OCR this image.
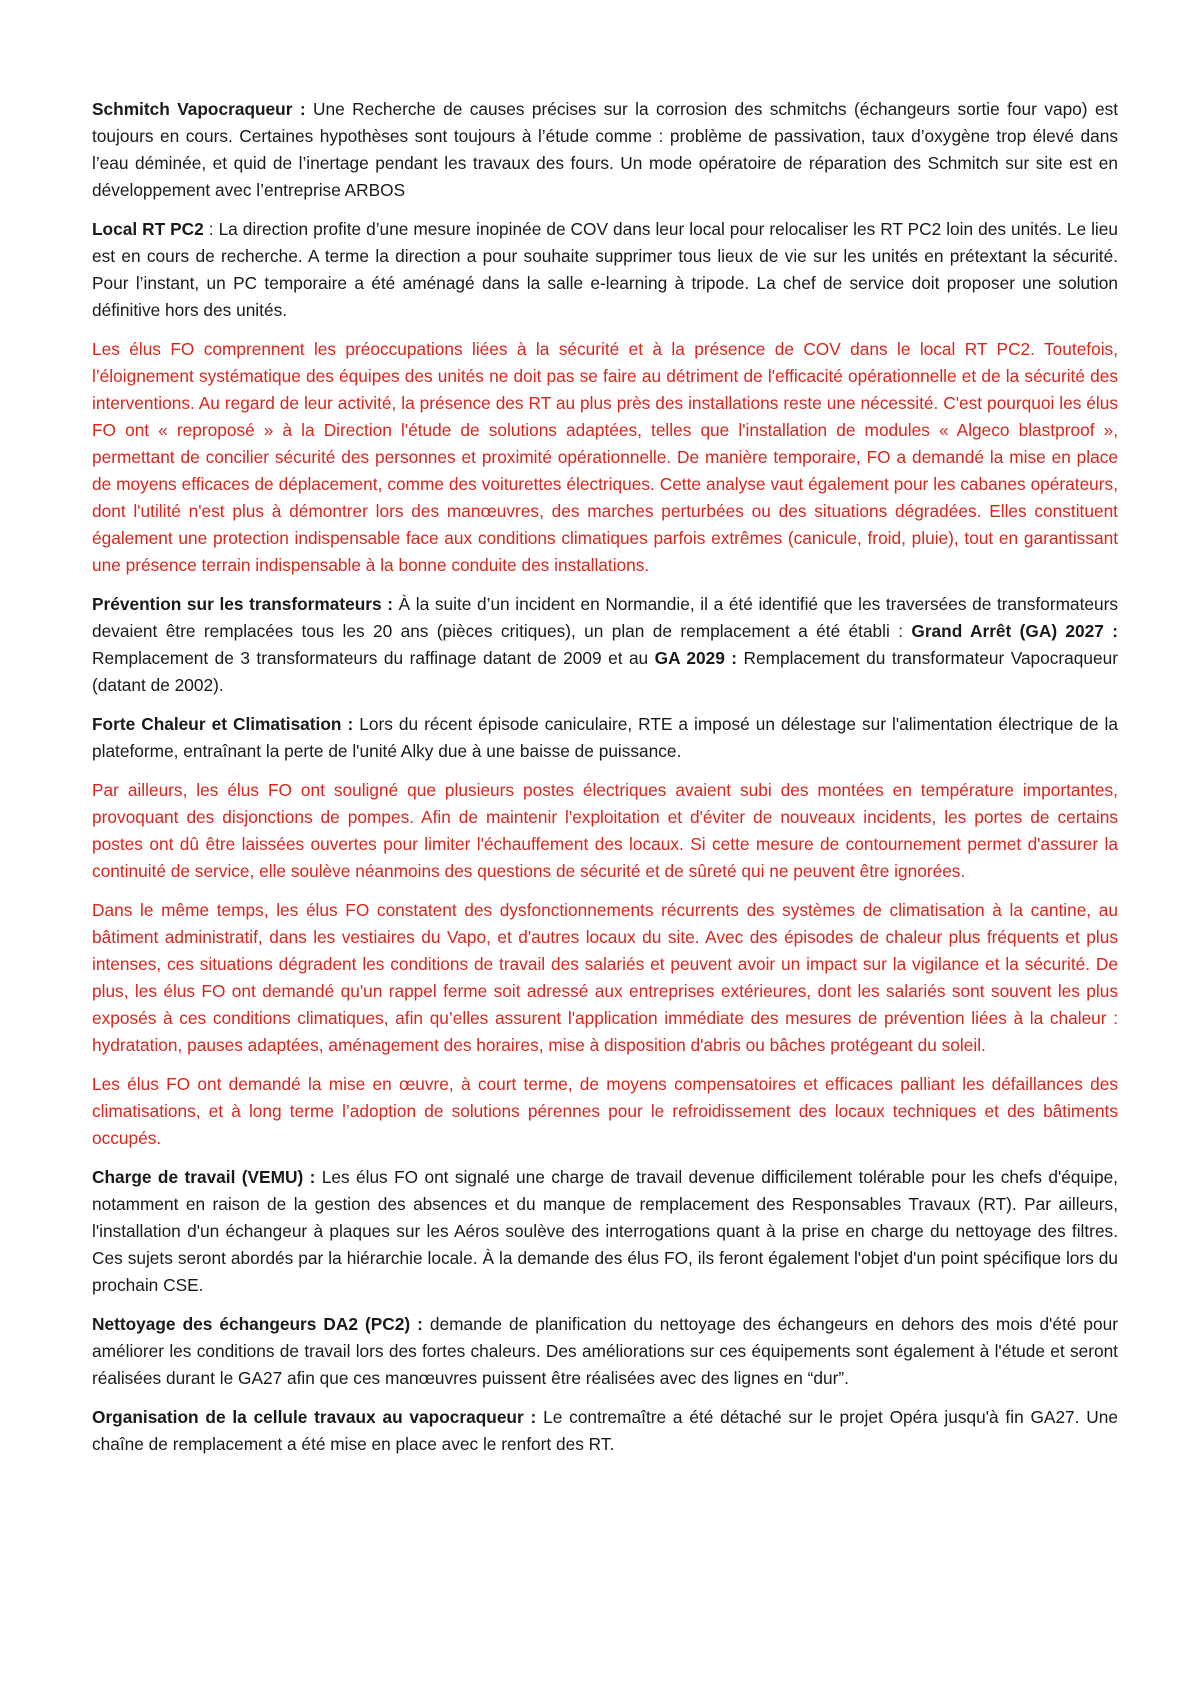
Schmitch Vapocraqueur : Une Recherche de causes précises sur la corrosion des schmitchs (échangeurs sortie four vapo) est toujours en cours. Certaines hypothèses sont toujours à l’étude comme : problème de passivation, taux d’oxygène trop élevé dans l’eau déminée, et quid de l’inertage pendant les travaux des fours. Un mode opératoire de réparation des Schmitch sur site est en développement avec l’entreprise ARBOS

Local RT PC2 : La direction profite d’une mesure inopinée de COV dans leur local pour relocaliser les RT PC2 loin des unités. Le lieu est en cours de recherche. A terme la direction a pour souhaite supprimer tous lieux de vie sur les unités en prétextant la sécurité. Pour l’instant, un PC temporaire a été aménagé dans la salle e-learning à tripode. La chef de service doit proposer une solution définitive hors des unités.

Les élus FO comprennent les préoccupations liées à la sécurité et à la présence de COV dans le local RT PC2. Toutefois, l’éloignement systématique des équipes des unités ne doit pas se faire au détriment de l'efficacité opérationnelle et de la sécurité des interventions. Au regard de leur activité, la présence des RT au plus près des installations reste une nécessité. C'est pourquoi les élus FO ont « reproposé » à la Direction l'étude de solutions adaptées, telles que l'installation de modules « Algeco blastproof », permettant de concilier sécurité des personnes et proximité opérationnelle. De manière temporaire, FO a demandé la mise en place de moyens efficaces de déplacement, comme des voiturettes électriques. Cette analyse vaut également pour les cabanes opérateurs, dont l'utilité n'est plus à démontrer lors des manœuvres, des marches perturbées ou des situations dégradées. Elles constituent également une protection indispensable face aux conditions climatiques parfois extrêmes (canicule, froid, pluie), tout en garantissant une présence terrain indispensable à la bonne conduite des installations.

Prévention sur les transformateurs : À la suite d’un incident en Normandie, il a été identifié que les traversées de transformateurs devaient être remplacées tous les 20 ans (pièces critiques), un plan de remplacement a été établi : Grand Arrêt (GA) 2027 : Remplacement de 3 transformateurs du raffinage datant de 2009 et au GA 2029 : Remplacement du transformateur Vapocraqueur (datant de 2002).

Forte Chaleur et Climatisation : Lors du récent épisode caniculaire, RTE a imposé un délestage sur l'alimentation électrique de la plateforme, entraînant la perte de l'unité Alky due à une baisse de puissance.

Par ailleurs, les élus FO ont souligné que plusieurs postes électriques avaient subi des montées en température importantes, provoquant des disjonctions de pompes. Afin de maintenir l'exploitation et d'éviter de nouveaux incidents, les portes de certains postes ont dû être laissées ouvertes pour limiter l'échauffement des locaux. Si cette mesure de contournement permet d'assurer la continuité de service, elle soulève néanmoins des questions de sécurité et de sûreté qui ne peuvent être ignorées.

Dans le même temps, les élus FO constatent des dysfonctionnements récurrents des systèmes de climatisation à la cantine, au bâtiment administratif, dans les vestiaires du Vapo, et d'autres locaux du site. Avec des épisodes de chaleur plus fréquents et plus intenses, ces situations dégradent les conditions de travail des salariés et peuvent avoir un impact sur la vigilance et la sécurité. De plus, les élus FO ont demandé qu'un rappel ferme soit adressé aux entreprises extérieures, dont les salariés sont souvent les plus exposés à ces conditions climatiques, afin qu’elles assurent l'application immédiate des mesures de prévention liées à la chaleur : hydratation, pauses adaptées, aménagement des horaires, mise à disposition d'abris ou bâches protégeant du soleil.

Les élus FO ont demandé la mise en œuvre, à court terme, de moyens compensatoires et efficaces palliant les défaillances des climatisations, et à long terme l’adoption de solutions pérennes pour le refroidissement des locaux techniques et des bâtiments occupés.

Charge de travail (VEMU) : Les élus FO ont signalé une charge de travail devenue difficilement tolérable pour les chefs d'équipe, notamment en raison de la gestion des absences et du manque de remplacement des Responsables Travaux (RT). Par ailleurs, l'installation d'un échangeur à plaques sur les Aéros soulève des interrogations quant à la prise en charge du nettoyage des filtres. Ces sujets seront abordés par la hiérarchie locale. À la demande des élus FO, ils feront également l'objet d'un point spécifique lors du prochain CSE.

Nettoyage des échangeurs DA2 (PC2) : demande de planification du nettoyage des échangeurs en dehors des mois d'été pour améliorer les conditions de travail lors des fortes chaleurs. Des améliorations sur ces équipements sont également à l'étude et seront réalisées durant le GA27 afin que ces manœuvres puissent être réalisées avec des lignes en “dur”.

Organisation de la cellule travaux au vapocraqueur : Le contremaître a été détaché sur le projet Opéra jusqu'à fin GA27. Une chaîne de remplacement a été mise en place avec le renfort des RT.
